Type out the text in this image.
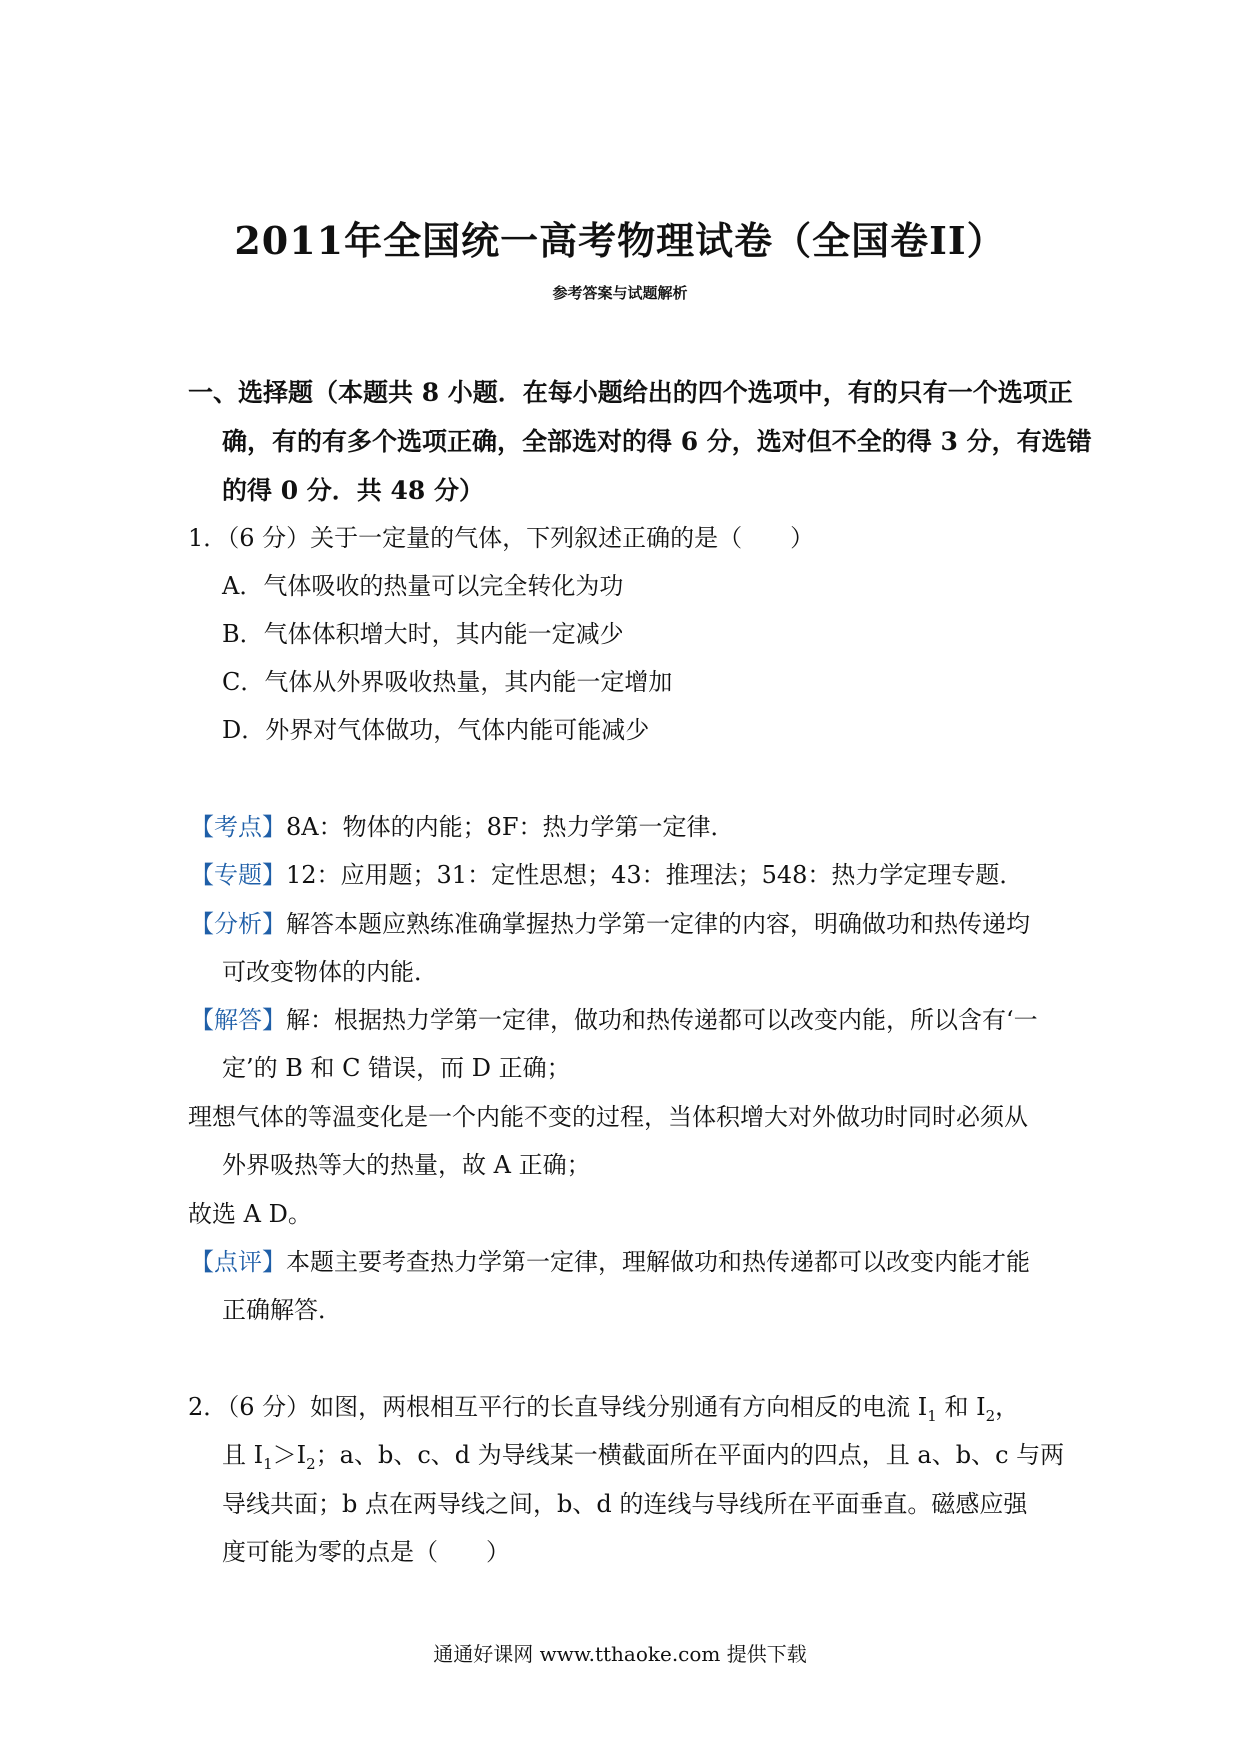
2011年全国统一高考物理试卷（全国卷II）
参考答案与试题解析
一、选择题（本题共 8 小题．在每小题给出的四个选项中，有的只有一个选项正确，有的有多个选项正确，全部选对的得 6 分，选对但不全的得 3 分，有选错的得 0 分．共 48 分）
1．（6 分）关于一定量的气体，下列叙述正确的是（　　）
A．气体吸收的热量可以完全转化为功
B．气体体积增大时，其内能一定减少
C．气体从外界吸收热量，其内能一定增加
D．外界对气体做功，气体内能可能减少
【考点】8A：物体的内能；8F：热力学第一定律．
【专题】12：应用题；31：定性思想；43：推理法；548：热力学定理专题．
【分析】解答本题应熟练准确掌握热力学第一定律的内容，明确做功和热传递均
可改变物体的内能．
【解答】解：根据热力学第一定律，做功和热传递都可以改变内能，所以含有‘一
定’的 B 和 C 错误，而 D 正确；
理想气体的等温变化是一个内能不变的过程，当体积增大对外做功时同时必须从
外界吸热等大的热量，故 A 正确；
故选 A D。
【点评】本题主要考查热力学第一定律，理解做功和热传递都可以改变内能才能
正确解答．
2．（6 分）如图，两根相互平行的长直导线分别通有方向相反的电流 $I_1$ 和 $I_2$，
且 $I_1>I_2$；a、b、c、d 为导线某一横截面所在平面内的四点，且 a、b、c 与两
导线共面；b 点在两导线之间，b、d 的连线与导线所在平面垂直。磁感应强
度可能为零的点是（　　）
通通好课网 www.tthaoke.com 提供下载
